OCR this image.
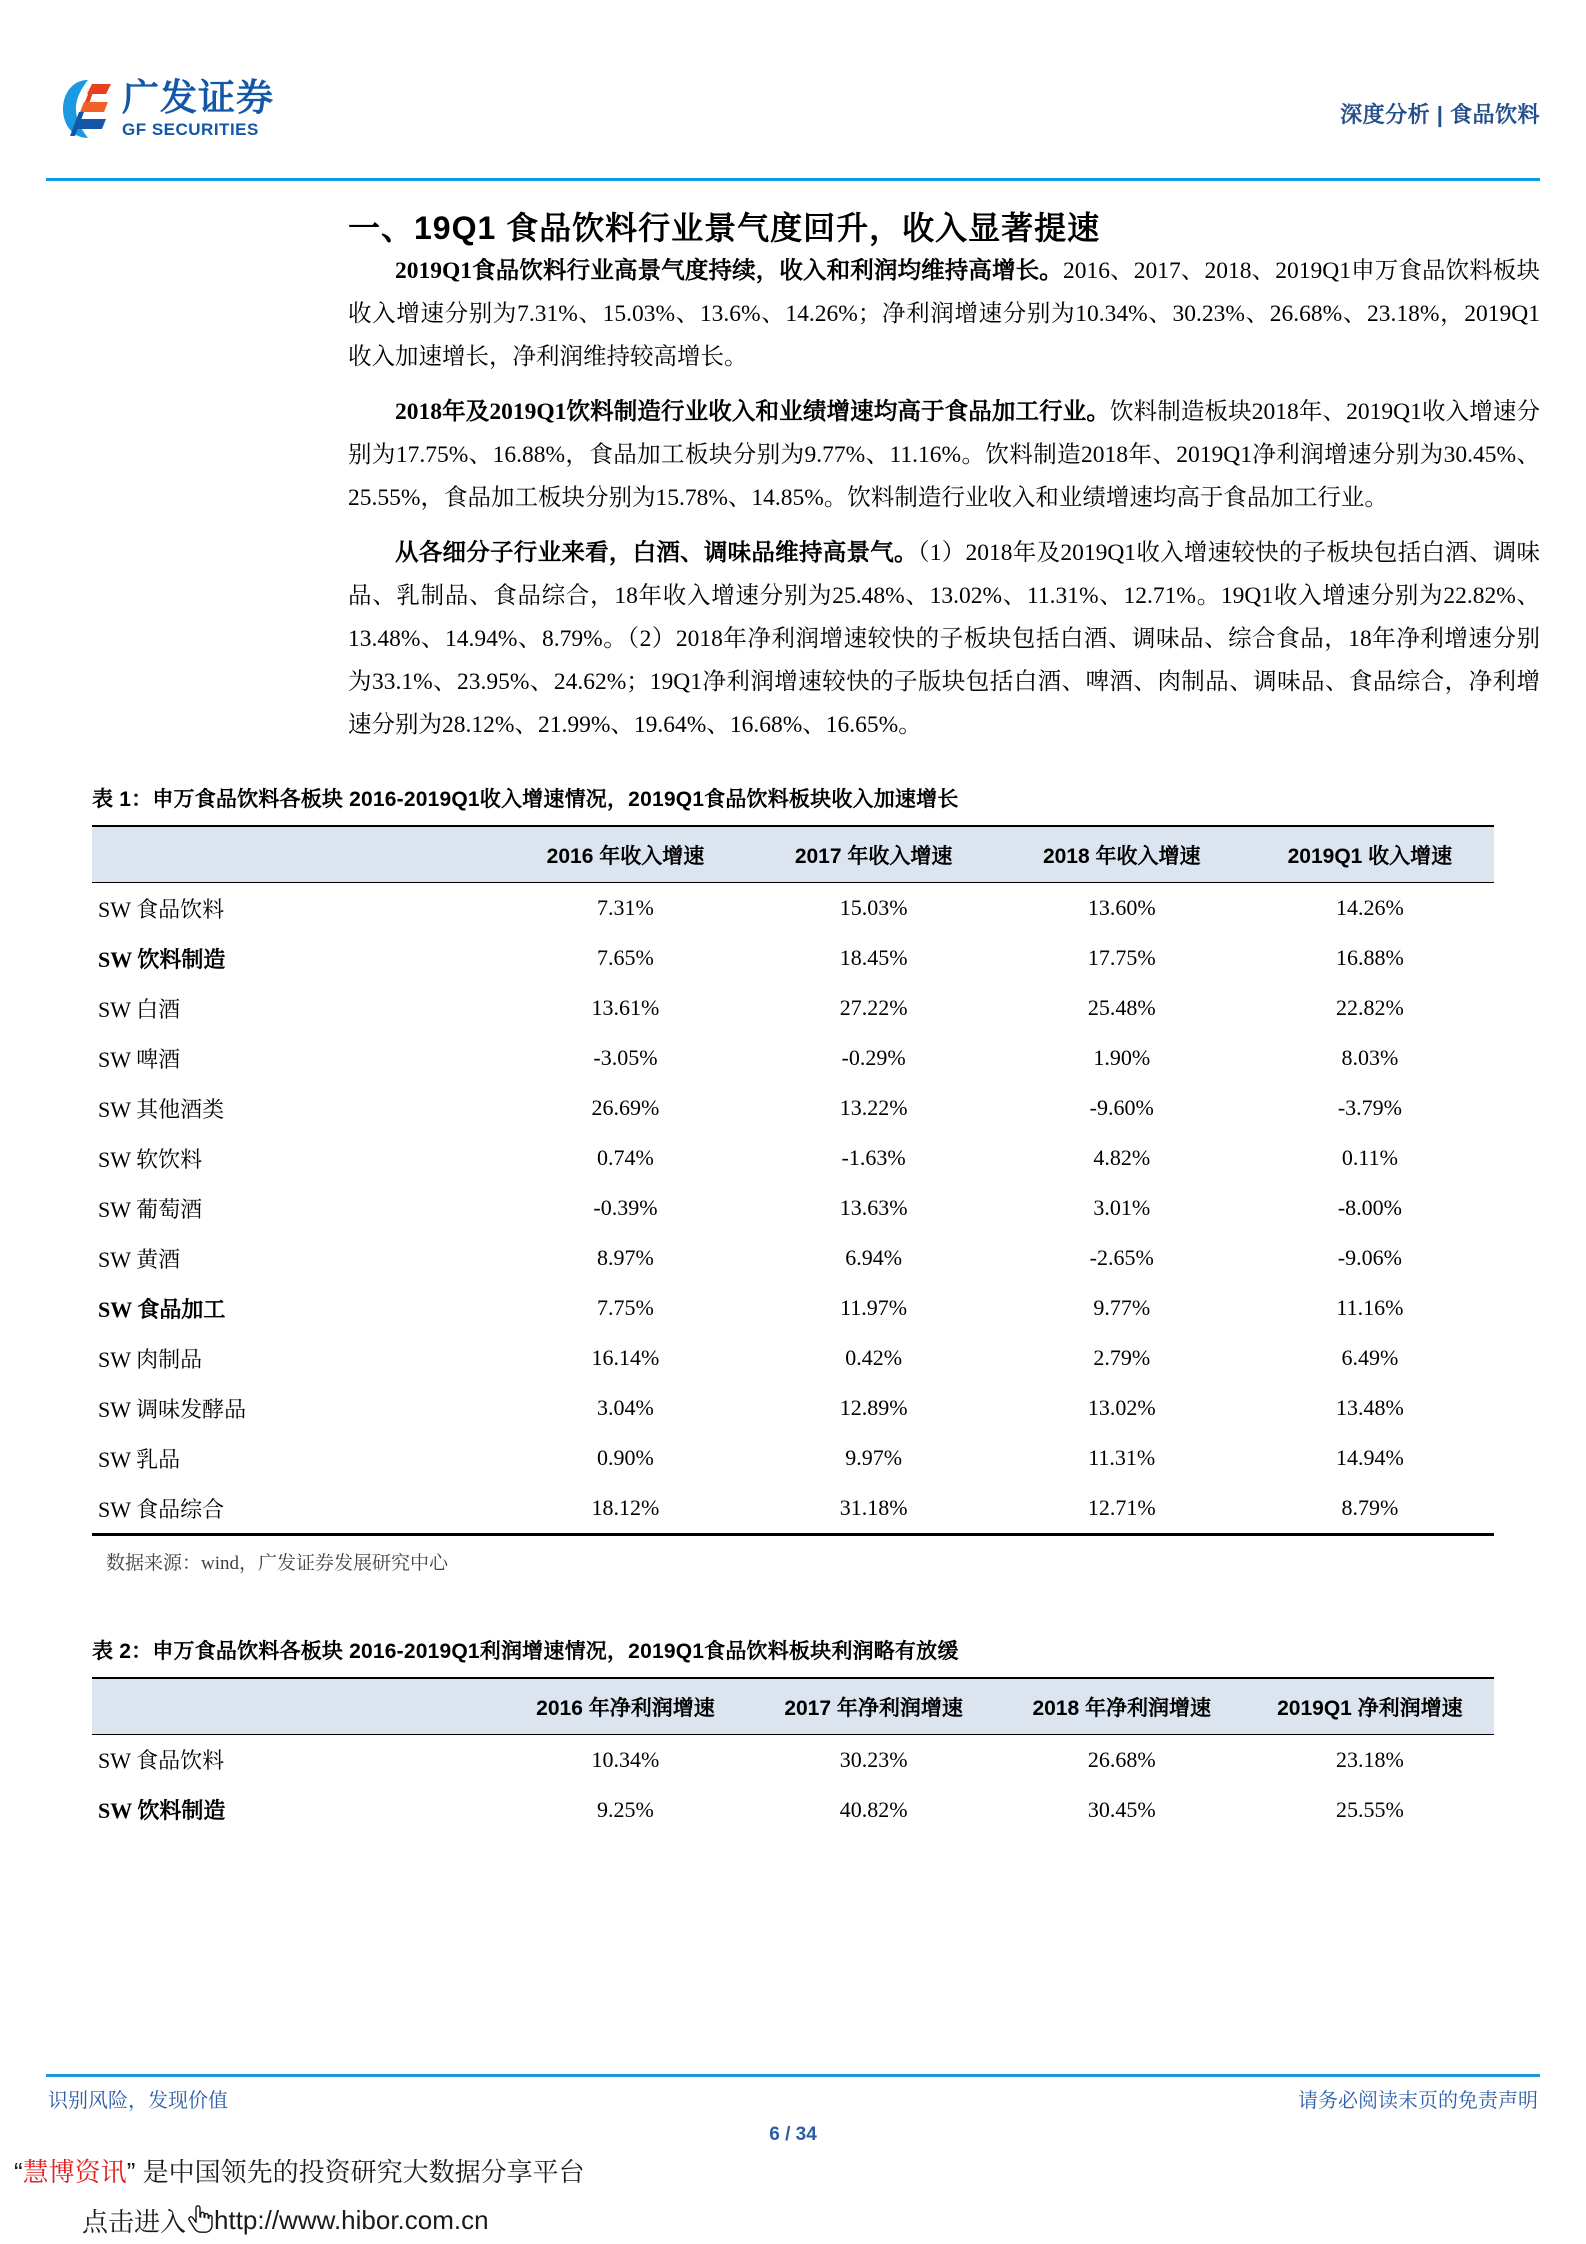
广发证券
GF SECURITIES
深度分析 | 食品饮料
一、19Q1 食品饮料行业景气度回升，收入显著提速

2019Q1食品饮料行业高景气度持续，收入和利润均维持高增长。2016、2017、2018、2019Q1申万食品饮料板块收入增速分别为7.31%、15.03%、13.6%、14.26%；净利润增速分别为10.34%、30.23%、26.68%、23.18%，2019Q1收入加速增长，净利润维持较高增长。

2018年及2019Q1饮料制造行业收入和业绩增速均高于食品加工行业。饮料制造板块2018年、2019Q1收入增速分别为17.75%、16.88%，食品加工板块分别为9.77%、11.16%。饮料制造2018年、2019Q1净利润增速分别为30.45%、25.55%，食品加工板块分别为15.78%、14.85%。饮料制造行业收入和业绩增速均高于食品加工行业。

从各细分子行业来看，白酒、调味品维持高景气。（1）2018年及2019Q1收入增速较快的子板块包括白酒、调味品、乳制品、食品综合，18年收入增速分别为25.48%、13.02%、11.31%、12.71%。19Q1收入增速分别为22.82%、13.48%、14.94%、8.79%。（2）2018年净利润增速较快的子板块包括白酒、调味品、综合食品，18年净利增速分别为33.1%、23.95%、24.62%；19Q1净利润增速较快的子版块包括白酒、啤酒、肉制品、调味品、食品综合，净利增速分别为28.12%、21.99%、19.64%、16.68%、16.65%。

表 1：申万食品饮料各板块 2016-2019Q1收入增速情况，2019Q1食品饮料板块收入加速增长
	2016 年收入增速	2017 年收入增速	2018 年收入增速	2019Q1 收入增速
SW 食品饮料	7.31%	15.03%	13.60%	14.26%
SW 饮料制造	7.65%	18.45%	17.75%	16.88%
SW 白酒	13.61%	27.22%	25.48%	22.82%
SW 啤酒	-3.05%	-0.29%	1.90%	8.03%
SW 其他酒类	26.69%	13.22%	-9.60%	-3.79%
SW 软饮料	0.74%	-1.63%	4.82%	0.11%
SW 葡萄酒	-0.39%	13.63%	3.01%	-8.00%
SW 黄酒	8.97%	6.94%	-2.65%	-9.06%
SW 食品加工	7.75%	11.97%	9.77%	11.16%
SW 肉制品	16.14%	0.42%	2.79%	6.49%
SW 调味发酵品	3.04%	12.89%	13.02%	13.48%
SW 乳品	0.90%	9.97%	11.31%	14.94%
SW 食品综合	18.12%	31.18%	12.71%	8.79%
数据来源：wind，广发证券发展研究中心
表 2：申万食品饮料各板块 2016-2019Q1利润增速情况，2019Q1食品饮料板块利润略有放缓
	2016 年净利润增速	2017 年净利润增速	2018 年净利润增速	2019Q1 净利润增速
SW 食品饮料	10.34%	30.23%	26.68%	23.18%
SW 饮料制造	9.25%	40.82%	30.45%	25.55%
识别风险，发现价值	请务必阅读末页的免责声明
6 / 34
“慧博资讯” 是中国领先的投资研究大数据分享平台
点击进入 http://www.hibor.com.cn
